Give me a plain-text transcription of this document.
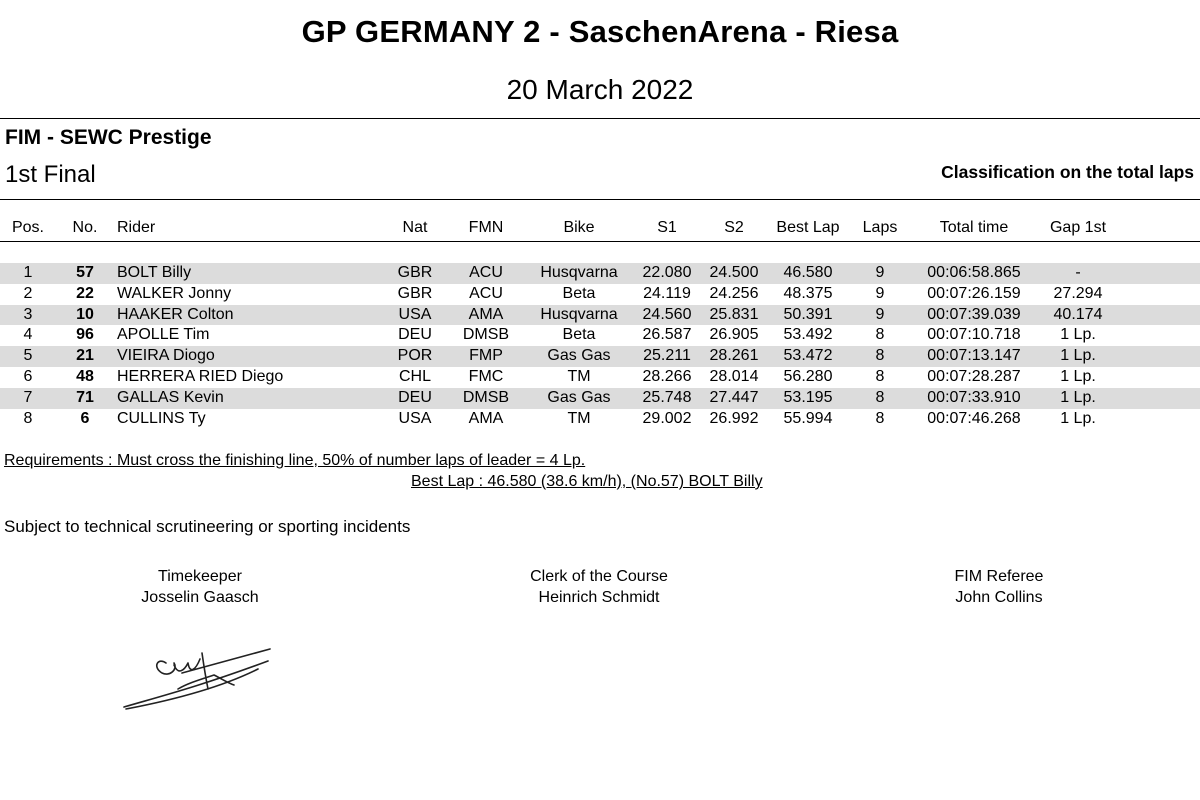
GP GERMANY 2 - SaschenArena - Riesa
20 March 2022
FIM - SEWC Prestige
1st Final	Classification on the total laps
Pos.	No.	Rider	Nat	FMN	Bike	S1	S2	Best Lap	Laps	Total time	Gap 1st
1	57	BOLT Billy	GBR	ACU	Husqvarna	22.080	24.500	46.580	9	00:06:58.865	-
2	22	WALKER Jonny	GBR	ACU	Beta	24.119	24.256	48.375	9	00:07:26.159	27.294
3	10	HAAKER Colton	USA	AMA	Husqvarna	24.560	25.831	50.391	9	00:07:39.039	40.174
4	96	APOLLE Tim	DEU	DMSB	Beta	26.587	26.905	53.492	8	00:07:10.718	1 Lp.
5	21	VIEIRA Diogo	POR	FMP	Gas Gas	25.211	28.261	53.472	8	00:07:13.147	1 Lp.
6	48	HERRERA RIED Diego	CHL	FMC	TM	28.266	28.014	56.280	8	00:07:28.287	1 Lp.
7	71	GALLAS Kevin	DEU	DMSB	Gas Gas	25.748	27.447	53.195	8	00:07:33.910	1 Lp.
8	6	CULLINS Ty	USA	AMA	TM	29.002	26.992	55.994	8	00:07:46.268	1 Lp.
Requirements : Must cross the finishing line, 50% of number laps of leader = 4 Lp.
Best Lap : 46.580 (38.6 km/h), (No.57) BOLT Billy
Subject to technical scrutineering or sporting incidents
Timekeeper
Josselin Gaasch
Clerk of the Course
Heinrich Schmidt
FIM Referee
John Collins
